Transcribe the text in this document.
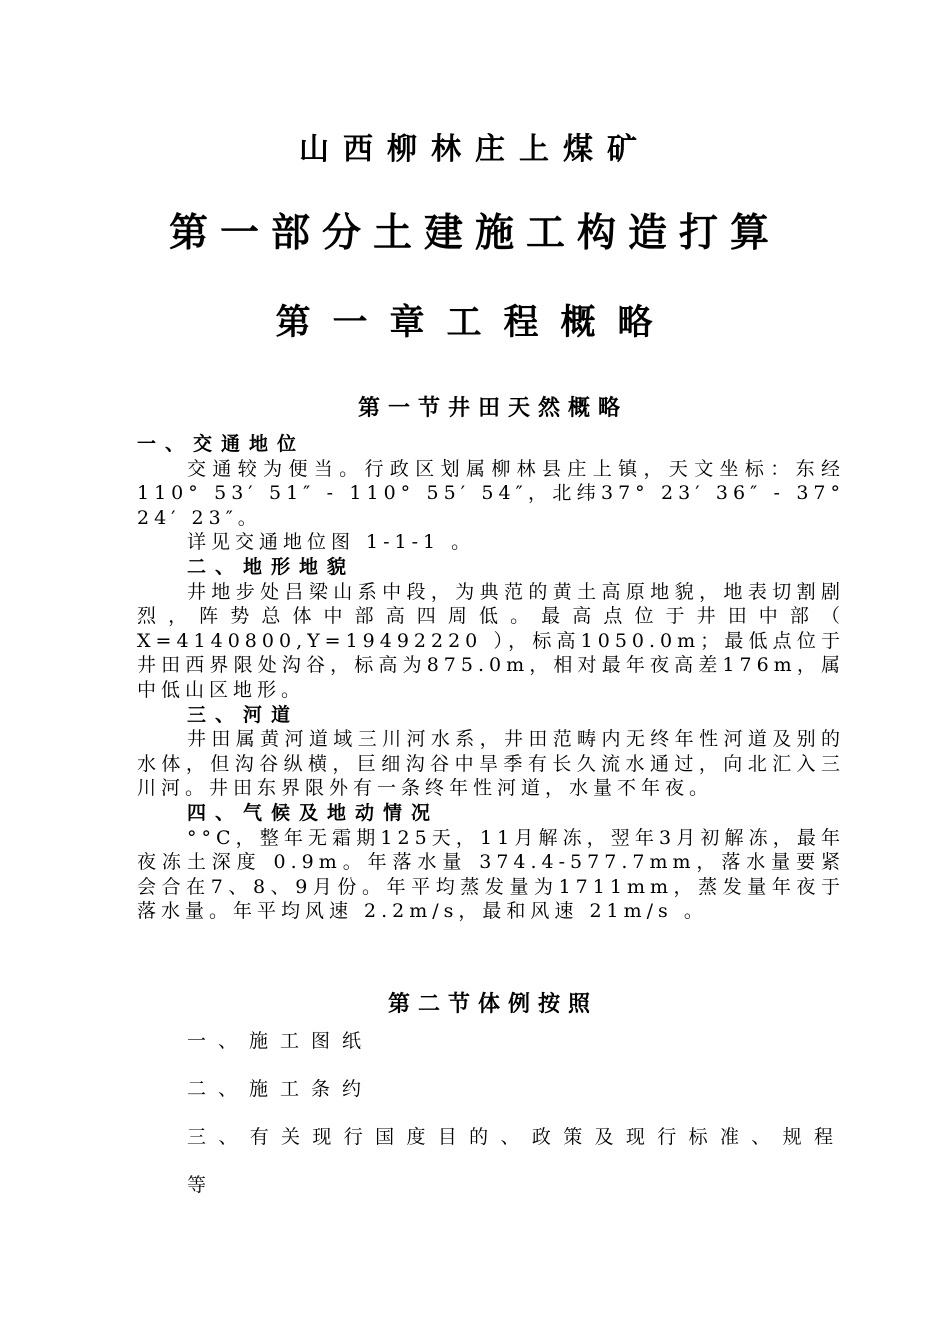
山西柳林庄上煤矿
第一部分土建施工构造打算
第一章工程概略
第一节井田天然概略
一、交通地位

交通较为便当。行政区划属柳林县庄上镇，天文坐标：东经 110° 53′ 51″ - 110° 55′ 54″，北纬37° 23′ 36″ - 37° 24′ 23″。

详见交通地位图 1-1-1 。

二、地形地貌

井地步处吕梁山系中段，为典范的黄土高原地貌，地表切割剧烈，阵势总体中部高四周低。最高点位于井田中部（ X=4140800,Y=19492220 ），标高1050.0m；最低点位于井田西界限处沟谷，标高为875.0m，相对最年夜高差176m，属中低山区地形。

三、河道

井田属黄河道域三川河水系，井田范畴内无终年性河道及别的水体，但沟谷纵横，巨细沟谷中旱季有长久流水通过，向北汇入三川河。井田东界限外有一条终年性河道，水量不年夜。

四、气候及地动情况

°°C，整年无霜期125天，11月解冻，翌年3月初解冻，最年夜冻土深度 0.9m。年落水量 374.4-577.7mm，落水量要紧会合在7、8、9月份。年平均蒸发量为1711mm，蒸发量年夜于落水量。年平均风速 2.2m/s，最和风速 21m/s 。

第二节体例按照

一、施工图纸

二、施工条约

三、有关现行国度目的、政策及现行标准、规程等
